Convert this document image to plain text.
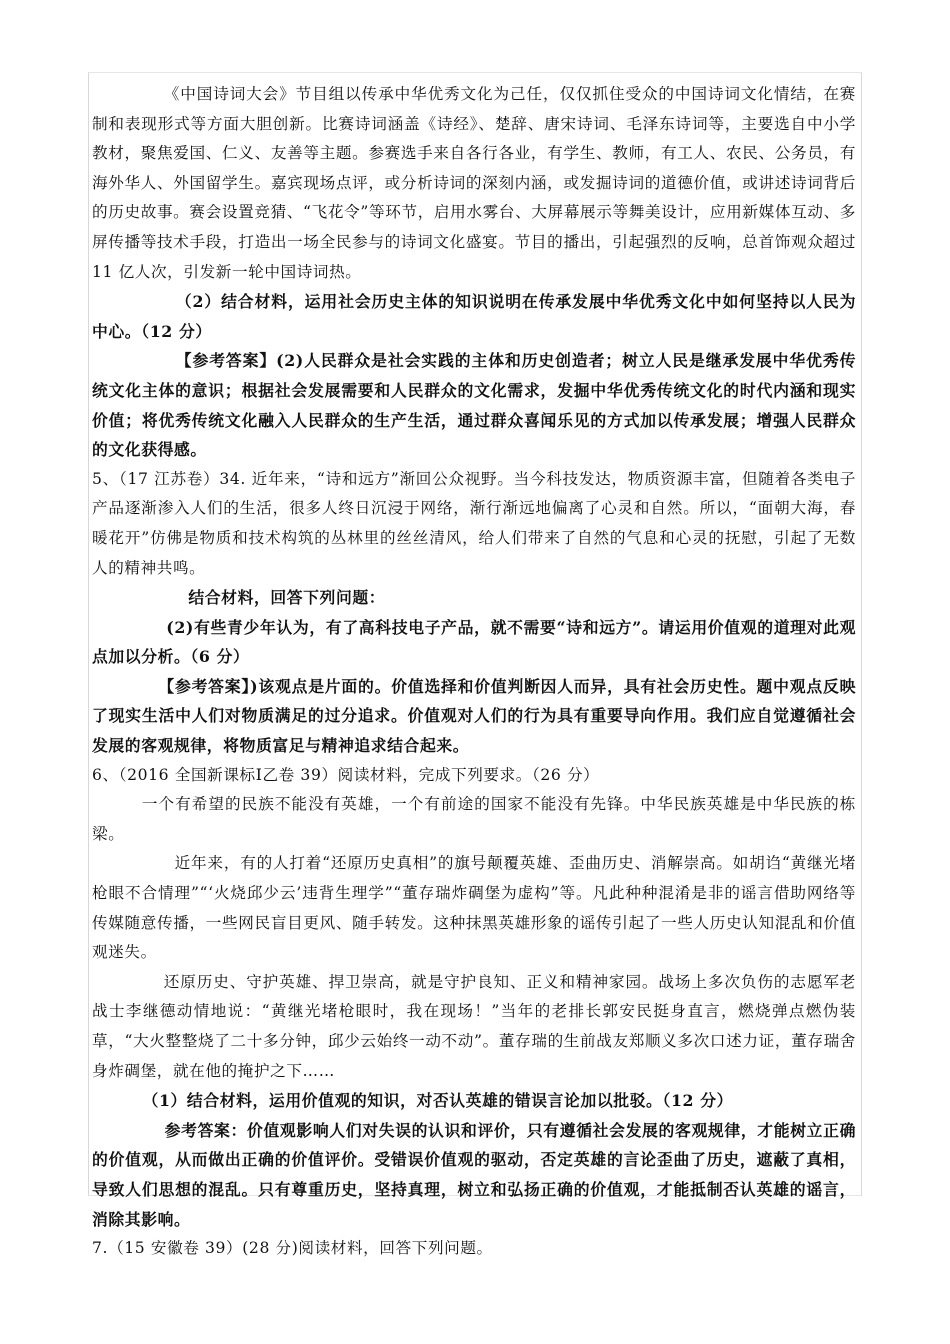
《中国诗词大会》节目组以传承中华优秀文化为己任，仅仅抓住受众的中国诗词文化情结，在赛制和表现形式等方面大胆创新。比赛诗词涵盖《诗经》、楚辞、唐宋诗词、毛泽东诗词等，主要选自中小学教材，聚焦爱国、仁义、友善等主题。参赛选手来自各行各业，有学生、教师，有工人、农民、公务员，有海外华人、外国留学生。嘉宾现场点评，或分析诗词的深刻内涵，或发掘诗词的道德价值，或讲述诗词背后的历史故事。赛会设置竞猜、“飞花令”等环节，启用水雾台、大屏幕展示等舞美设计，应用新媒体互动、多屏传播等技术手段，打造出一场全民参与的诗词文化盛宴。节目的播出，引起强烈的反响，总首饰观众超过 11 亿人次，引发新一轮中国诗词热。

（2）结合材料，运用社会历史主体的知识说明在传承发展中华优秀文化中如何坚持以人民为中心。（12 分）

【参考答案】(2)人民群众是社会实践的主体和历史创造者；树立人民是继承发展中华优秀传统文化主体的意识；根据社会发展需要和人民群众的文化需求，发掘中华优秀传统文化的时代内涵和现实价值；将优秀传统文化融入人民群众的生产生活，通过群众喜闻乐见的方式加以传承发展；增强人民群众的文化获得感。

5、（17 江苏卷）34. 近年来，“诗和远方”渐回公众视野。当今科技发达，物质资源丰富，但随着各类电子产品逐渐渗入人们的生活，很多人终日沉浸于网络，渐行渐远地偏离了心灵和自然。所以，“面朝大海，春暖花开”仿佛是物质和技术构筑的丛林里的丝丝清风，给人们带来了自然的气息和心灵的抚慰，引起了无数人的精神共鸣。

结合材料，回答下列问题：

(2)有些青少年认为，有了高科技电子产品，就不需要“诗和远方”。请运用价值观的道理对此观点加以分析。（6 分）

【参考答案】)该观点是片面的。价值选择和价值判断因人而异，具有社会历史性。题中观点反映了现实生活中人们对物质满足的过分追求。价值观对人们的行为具有重要导向作用。我们应自觉遵循社会发展的客观规律，将物质富足与精神追求结合起来。

6、（2016 全国新课标Ⅰ乙卷 39）阅读材料，完成下列要求。（26 分）

一个有希望的民族不能没有英雄，一个有前途的国家不能没有先锋。中华民族英雄是中华民族的栋梁。

近年来，有的人打着“还原历史真相”的旗号颠覆英雄、歪曲历史、消解崇高。如胡诌“黄继光堵枪眼不合情理”“‘火烧邱少云’违背生理学”“董存瑞炸碉堡为虚构”等。凡此种种混淆是非的谣言借助网络等传媒随意传播，一些网民盲目更风、随手转发。这种抹黑英雄形象的谣传引起了一些人历史认知混乱和价值观迷失。

还原历史、守护英雄、捍卫崇高，就是守护良知、正义和精神家园。战场上多次负伤的志愿军老战士李继德动情地说：“黄继光堵枪眼时，我在现场！”当年的老排长郭安民挺身直言，燃烧弹点燃伪装草，“大火整整烧了二十多分钟，邱少云始终一动不动”。董存瑞的生前战友郑顺义多次口述力证，董存瑞舍身炸碉堡，就在他的掩护之下……

（1）结合材料，运用价值观的知识，对否认英雄的错误言论加以批驳。（12 分）

参考答案：价值观影响人们对失误的认识和评价，只有遵循社会发展的客观规律，才能树立正确的价值观，从而做出正确的价值评价。受错误价值观的驱动，否定英雄的言论歪曲了历史，遮蔽了真相，导致人们思想的混乱。只有尊重历史，坚持真理，树立和弘扬正确的价值观，才能抵制否认英雄的谣言，消除其影响。

7.（15 安徽卷 39）(28 分)阅读材料，回答下列问题。
